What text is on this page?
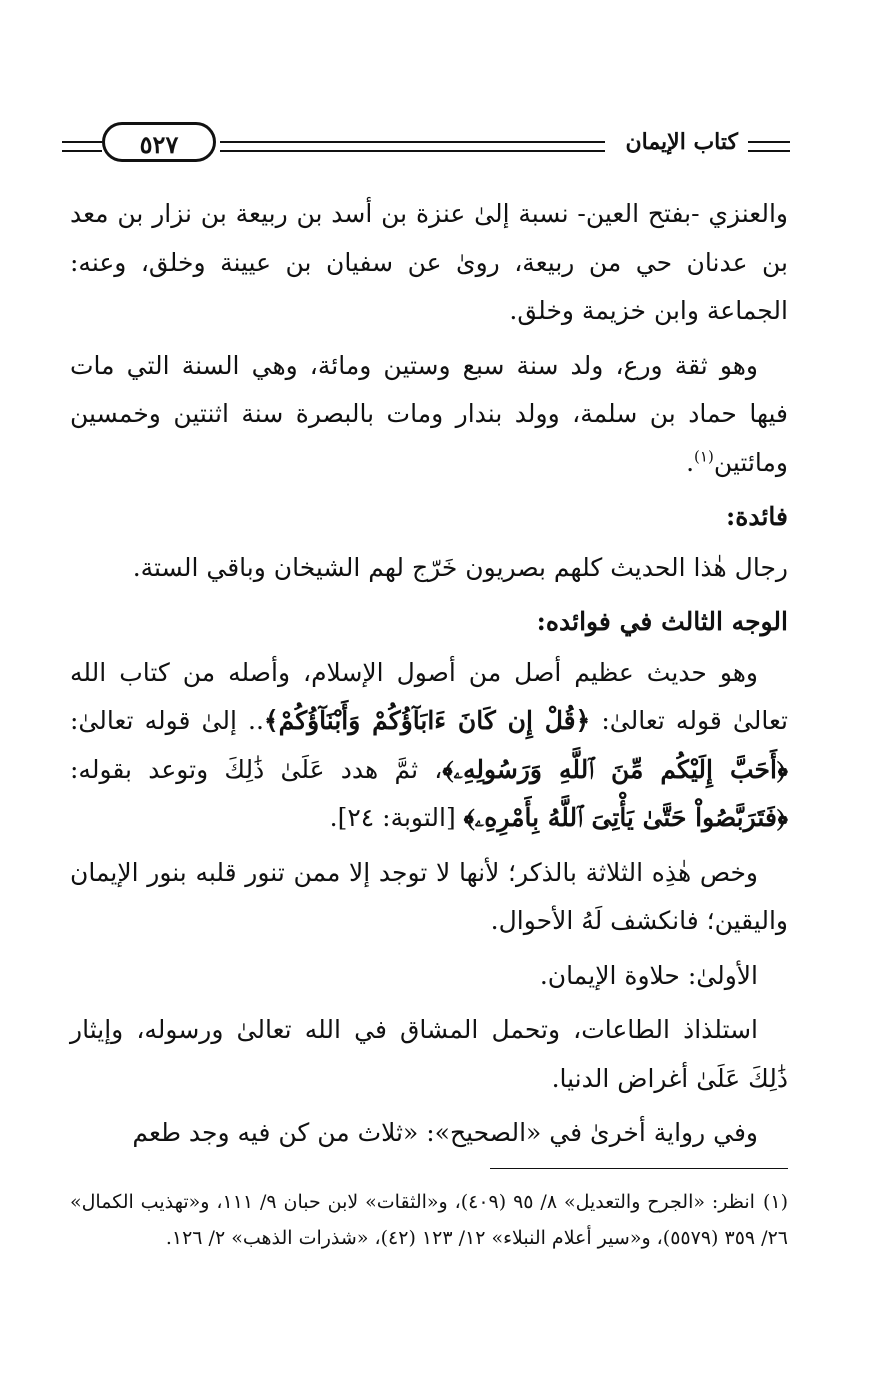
كتاب الإيمان
٥٢٧

والعنزي -بفتح العين- نسبة إلىٰ عنزة بن أسد بن ربيعة بن نزار بن معد بن عدنان حي من ربيعة، رویٰ عن سفيان بن عيينة وخلق، وعنه: الجماعة وابن خزيمة وخلق.

وهو ثقة ورع، ولد سنة سبع وستين ومائة، وهي السنة التي مات فيها حماد بن سلمة، وولد بندار ومات بالبصرة سنة اثنتين وخمسين ومائتين$^{(١)}$.

فائدة:

رجال هٰذا الحديث كلهم بصريون خَرّج لهم الشيخان وباقي الستة.

الوجه الثالث في فوائده:

وهو حديث عظيم أصل من أصول الإسلام، وأصله من كتاب الله تعالىٰ قوله تعالىٰ: ﴿قُلْ إِن كَانَ ءَابَآؤُكُمْ وَأَبْنَآؤُكُمْ﴾.. إلىٰ قوله تعالىٰ: ﴿أَحَبَّ إِلَيْكُم مِّنَ ٱللَّهِ وَرَسُولِهِۦ﴾، ثمَّ هدد عَلَىٰ ذَٰلِكَ وتوعد بقوله: ﴿فَتَرَبَّصُواْ حَتَّىٰ يَأْتِىَ ٱللَّهُ بِأَمْرِهِۦ﴾ [التوبة: ٢٤].

وخص هٰذِه الثلاثة بالذكر؛ لأنها لا توجد إلا ممن تنور قلبه بنور الإيمان واليقين؛ فانكشف لَهُ الأحوال.

الأولىٰ: حلاوة الإيمان.

استلذاذ الطاعات، وتحمل المشاق في الله تعالىٰ ورسوله، وإيثار ذَٰلِكَ عَلَىٰ أغراض الدنيا.

وفي رواية أخرىٰ في «الصحيح»: «ثلاث من كن فيه وجد طعم

(١)انظر: «الجرح والتعديل» ٨/ ٩٥ (٤٠٩)، و«الثقات» لابن حبان ٩/ ١١١، و«تهذيب الكمال» ٢٦/ ٣٥٩ (٥٥٧٩)، و«سير أعلام النبلاء» ١٢/ ١٢٣ (٤٢)، «شذرات الذهب» ٢/ ١٢٦.
